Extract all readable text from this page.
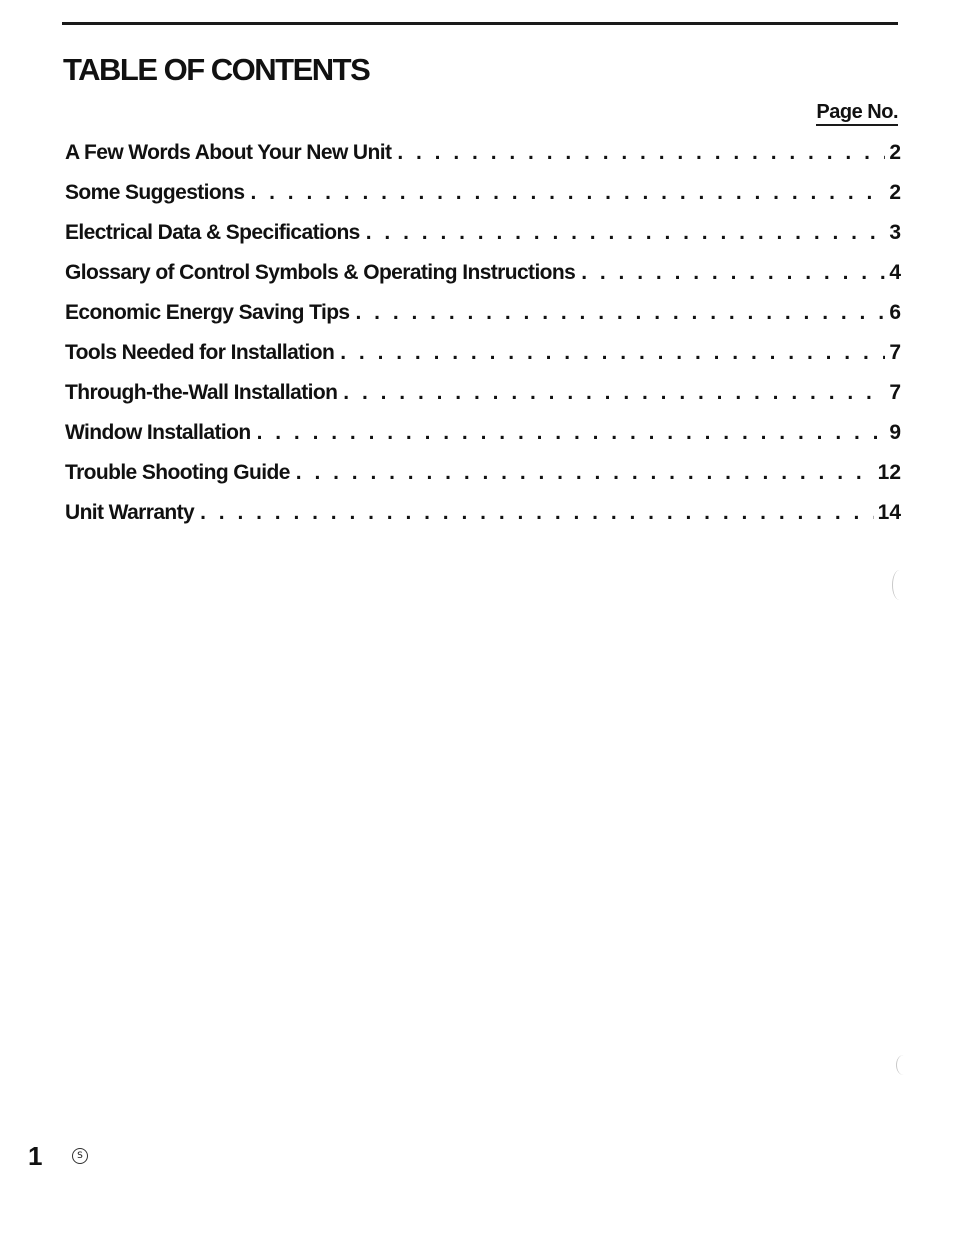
TABLE OF CONTENTS
Page No.
A Few Words About Your New Unit . . .	2
Some Suggestions . . .	2
Electrical Data & Specifications . . .	3
Glossary of Control Symbols & Operating Instructions . . .	4
Economic Energy Saving Tips . . .	6
Tools Needed for Installation . . .	7
Through-the-Wall Installation . . .	7
Window Installation . . .	9
Trouble Shooting Guide . . .	12
Unit Warranty . . .	14
1	S
